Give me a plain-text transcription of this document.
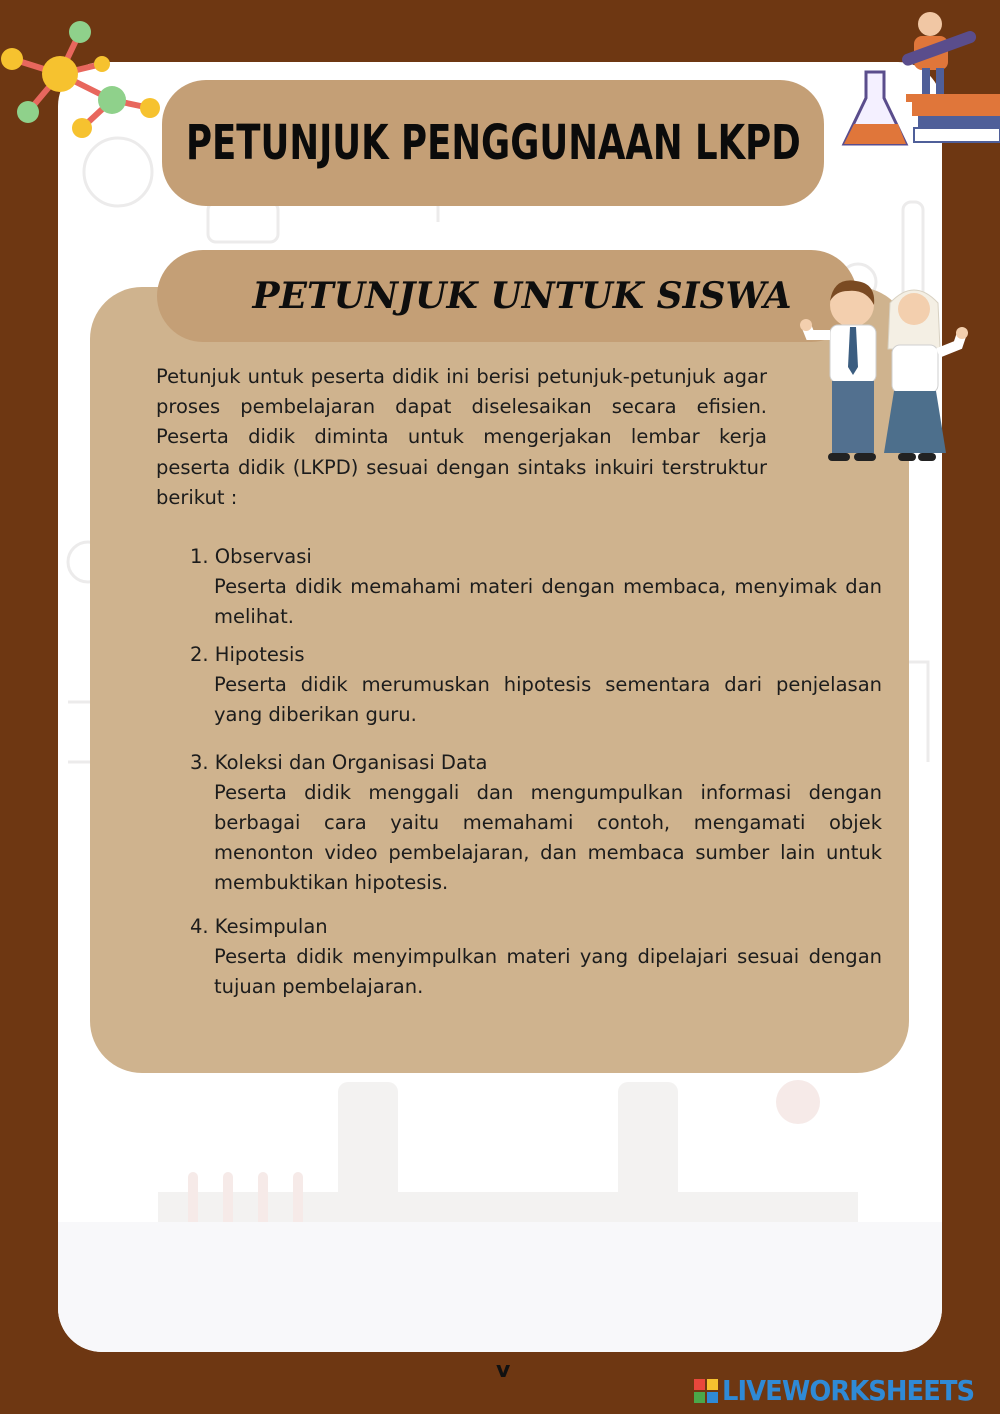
PETUNJUK PENGGUNAAN LKPD
PETUNJUK UNTUK SISWA
Petunjuk untuk peserta didik ini berisi petunjuk-petunjuk agar proses pembelajaran dapat diselesaikan secara efisien. Peserta didik diminta untuk mengerjakan lembar kerja peserta didik (LKPD) sesuai dengan sintaks inkuiri terstruktur berikut :
1. Observasi
Peserta didik memahami materi dengan membaca, menyimak dan melihat.
2. Hipotesis
Peserta didik merumuskan hipotesis sementara dari penjelasan yang diberikan guru.
3. Koleksi dan Organisasi Data
Peserta didik menggali dan mengumpulkan informasi dengan berbagai cara yaitu memahami contoh, mengamati objek menonton video pembelajaran, dan membaca sumber lain untuk membuktikan hipotesis.
4. Kesimpulan
Peserta didik menyimpulkan materi yang dipelajari sesuai dengan tujuan pembelajaran.
v
LIVEWORKSHEETS
